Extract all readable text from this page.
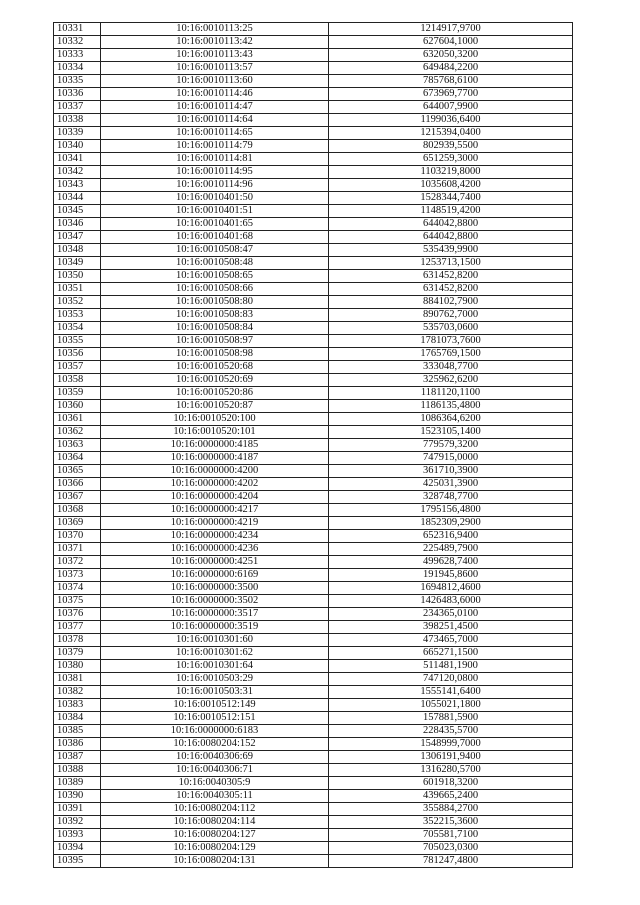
10331	10:16:0010113:25	1214917,9700
10332	10:16:0010113:42	627604,1000
10333	10:16:0010113:43	632050,3200
10334	10:16:0010113:57	649484,2200
10335	10:16:0010113:60	785768,6100
10336	10:16:0010114:46	673969,7700
10337	10:16:0010114:47	644007,9900
10338	10:16:0010114:64	1199036,6400
10339	10:16:0010114:65	1215394,0400
10340	10:16:0010114:79	802939,5500
10341	10:16:0010114:81	651259,3000
10342	10:16:0010114:95	1103219,8000
10343	10:16:0010114:96	1035608,4200
10344	10:16:0010401:50	1528344,7400
10345	10:16:0010401:51	1148519,4200
10346	10:16:0010401:65	644042,8800
10347	10:16:0010401:68	644042,8800
10348	10:16:0010508:47	535439,9900
10349	10:16:0010508:48	1253713,1500
10350	10:16:0010508:65	631452,8200
10351	10:16:0010508:66	631452,8200
10352	10:16:0010508:80	884102,7900
10353	10:16:0010508:83	890762,7000
10354	10:16:0010508:84	535703,0600
10355	10:16:0010508:97	1781073,7600
10356	10:16:0010508:98	1765769,1500
10357	10:16:0010520:68	333048,7700
10358	10:16:0010520:69	325962,6200
10359	10:16:0010520:86	1181120,1100
10360	10:16:0010520:87	1186135,4800
10361	10:16:0010520:100	1086364,6200
10362	10:16:0010520:101	1523105,1400
10363	10:16:0000000:4185	779579,3200
10364	10:16:0000000:4187	747915,0000
10365	10:16:0000000:4200	361710,3900
10366	10:16:0000000:4202	425031,3900
10367	10:16:0000000:4204	328748,7700
10368	10:16:0000000:4217	1795156,4800
10369	10:16:0000000:4219	1852309,2900
10370	10:16:0000000:4234	652316,9400
10371	10:16:0000000:4236	225489,7900
10372	10:16:0000000:4251	499628,7400
10373	10:16:0000000:6169	191945,8600
10374	10:16:0000000:3500	1694812,4600
10375	10:16:0000000:3502	1426483,6000
10376	10:16:0000000:3517	234365,0100
10377	10:16:0000000:3519	398251,4500
10378	10:16:0010301:60	473465,7000
10379	10:16:0010301:62	665271,1500
10380	10:16:0010301:64	511481,1900
10381	10:16:0010503:29	747120,0800
10382	10:16:0010503:31	1555141,6400
10383	10:16:0010512:149	1055021,1800
10384	10:16:0010512:151	157881,5900
10385	10:16:0000000:6183	228435,5700
10386	10:16:0080204:152	1548999,7000
10387	10:16:0040306:69	1306191,9400
10388	10:16:0040306:71	1316280,5700
10389	10:16:0040305:9	601918,3200
10390	10:16:0040305:11	439665,2400
10391	10:16:0080204:112	355884,2700
10392	10:16:0080204:114	352215,3600
10393	10:16:0080204:127	705581,7100
10394	10:16:0080204:129	705023,0300
10395	10:16:0080204:131	781247,4800
